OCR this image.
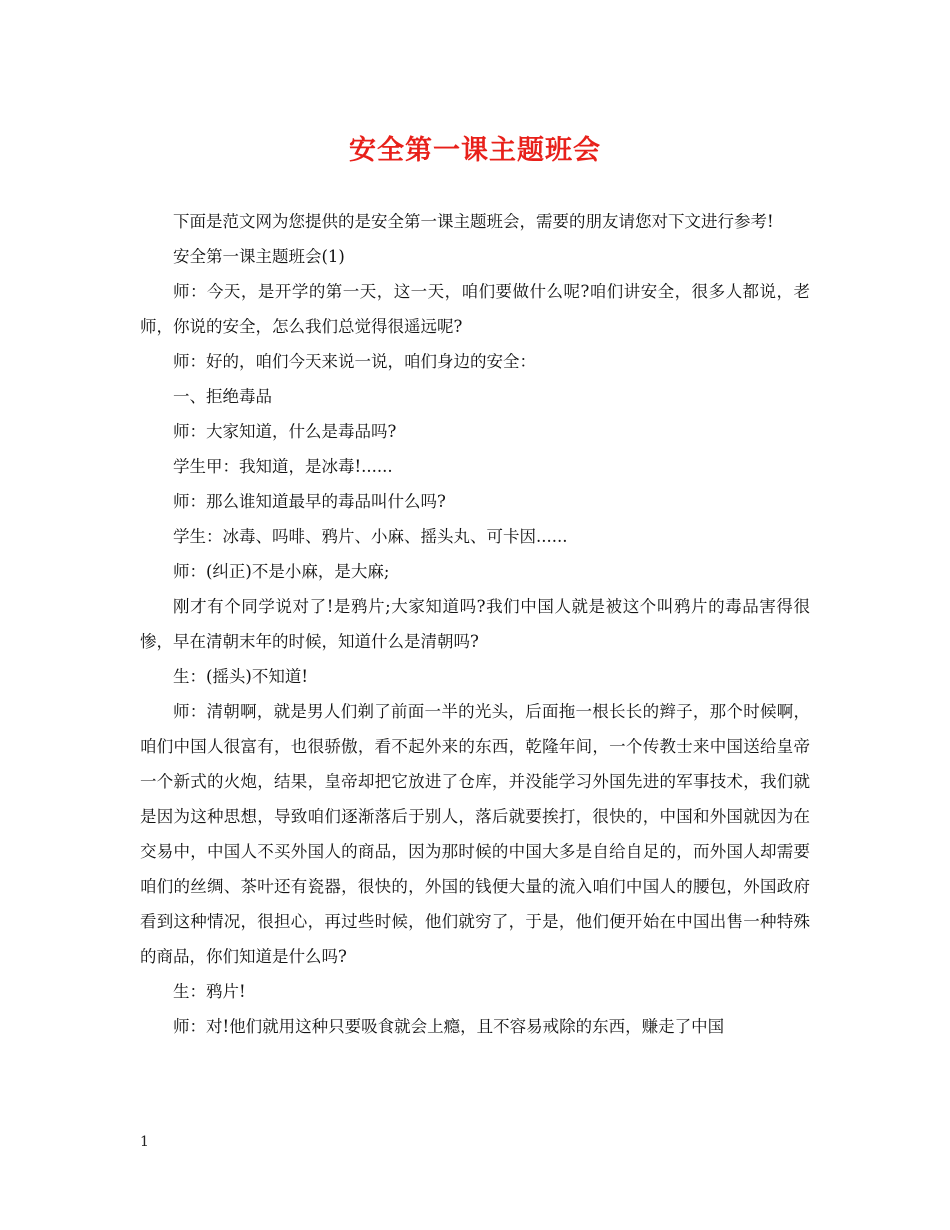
安全第一课主题班会

下面是范文网为您提供的是安全第一课主题班会，需要的朋友请您对下文进行参考!

安全第一课主题班会(1)

师：今天，是开学的第一天，这一天，咱们要做什么呢?咱们讲安全，很多人都说，老师，你说的安全，怎么我们总觉得很遥远呢?

师：好的，咱们今天来说一说，咱们身边的安全：

一、拒绝毒品

师：大家知道，什么是毒品吗?

学生甲：我知道，是冰毒!......

师：那么谁知道最早的毒品叫什么吗?

学生：冰毒、吗啡、鸦片、小麻、摇头丸、可卡因......

师：(纠正)不是小麻，是大麻;

刚才有个同学说对了!是鸦片;大家知道吗?我们中国人就是被这个叫鸦片的毒品害得很惨，早在清朝末年的时候，知道什么是清朝吗?

生：(摇头)不知道!

师：清朝啊，就是男人们剃了前面一半的光头，后面拖一根长长的辫子，那个时候啊，咱们中国人很富有，也很骄傲，看不起外来的东西，乾隆年间，一个传教士来中国送给皇帝一个新式的火炮，结果，皇帝却把它放进了仓库，并没能学习外国先进的军事技术，我们就是因为这种思想，导致咱们逐渐落后于别人，落后就要挨打，很快的，中国和外国就因为在交易中，中国人不买外国人的商品，因为那时候的中国大多是自给自足的，而外国人却需要咱们的丝绸、茶叶还有瓷器，很快的，外国的钱便大量的流入咱们中国人的腰包，外国政府看到这种情况，很担心，再过些时候，他们就穷了，于是，他们便开始在中国出售一种特殊的商品，你们知道是什么吗?

生：鸦片!

师：对!他们就用这种只要吸食就会上瘾，且不容易戒除的东西，赚走了中国

1
